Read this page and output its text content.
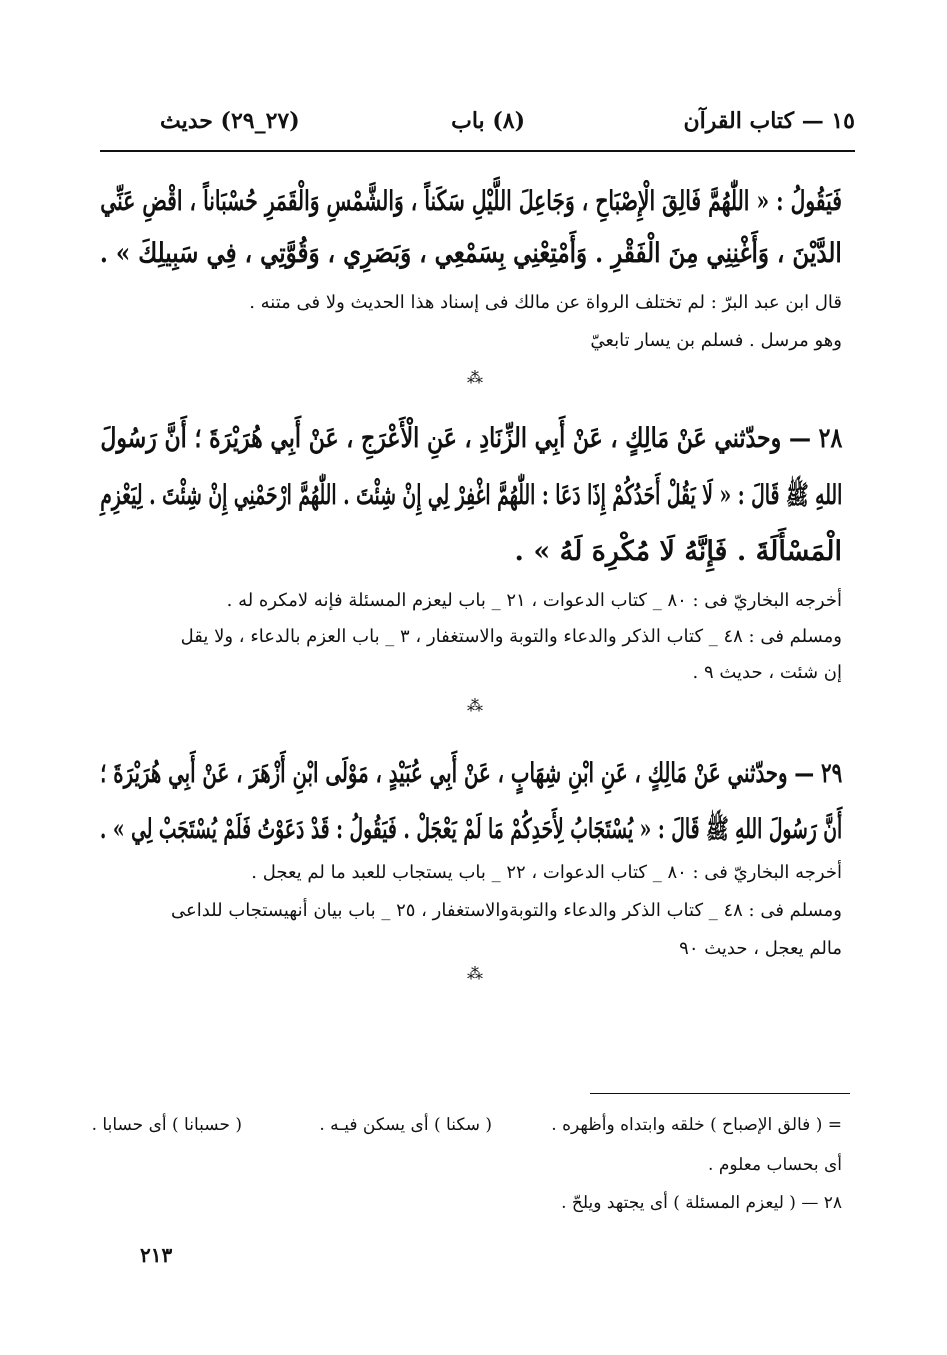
١٥ — كتاب القرآن
(٨) باب
(٢٧_٢٩) حديث
فَيَقُولُ : « اللّٰهُمَّ فَالِقَ الْإِصْبَاحِ ، وَجَاعِلَ اللَّيْلِ سَكَناً ، وَالشَّمْسِ وَالْقَمَرِ حُسْبَاناً ، اقْضِ عَنِّي
الدَّيْنَ ، وَأَغْنِنِي مِنَ الْفَقْرِ . وَأَمْتِعْنِي بِسَمْعِي ، وَبَصَرِي ، وَقُوَّتِي ، فِي سَبِيلِكَ » .
قال ابن عبد البرّ : لم تختلف الرواة عن مالك فى إسناد هذا الحديث ولا فى متنه .
وهو مرسل . فسلم بن يسار تابعيّ
⁂
٢٨ — وحدّثني عَنْ مَالِكٍ ، عَنْ أَبِي الزِّنَادِ ، عَنِ الْأَعْرَجِ ، عَنْ أَبِي هُرَيْرَةَ ؛ أَنَّ رَسُولَ
اللهِ ﷺ قَالَ : « لَا يَقُلْ أَحَدُكُمْ إِذَا دَعَا : اللّٰهُمَّ اغْفِرْ لِي إِنْ شِئْتَ . اللّٰهُمَّ ارْحَمْنِي إِنْ شِئْتَ . لِيَعْزِمِ
الْمَسْأَلَةَ . فَإِنَّهُ لَا مُكْرِهَ لَهُ » .
أخرجه البخاريّ فى : ٨٠ _ كتاب الدعوات ، ٢١ _ باب ليعزم المسئلة فإنه لامكره له .
ومسلم فى : ٤٨ _ كتاب الذكر والدعاء والتوبة والاستغفار ، ٣ _ باب العزم بالدعاء ، ولا يقل
إن شئت ، حديث ٩ .
⁂
٢٩ — وحدّثني عَنْ مَالِكٍ ، عَنِ ابْنِ شِهَابٍ ، عَنْ أَبِي عُبَيْدٍ ، مَوْلَى ابْنِ أَزْهَرَ ، عَنْ أَبِي هُرَيْرَةَ ؛
أَنَّ رَسُولَ اللهِ ﷺ قَالَ : « يُسْتَجَابُ لِأَحَدِكُمْ مَا لَمْ يَعْجَلْ . فَيَقُولُ : قَدْ دَعَوْتُ فَلَمْ يُسْتَجَبْ لِي » .
أخرجه البخاريّ فى : ٨٠ _ كتاب الدعوات ، ٢٢ _ باب يستجاب للعبد ما لم يعجل .
ومسلم فى : ٤٨ _ كتاب الذكر والدعاء والتوبةوالاستغفار ، ٢٥ _ باب بيان أنهيستجاب للداعى
مالم يعجل ، حديث ٩٠
⁂
= ( فالق الإصباح ) خلقه وابتداه وأظهره .
( سكنا ) أى يسكن فيـه .
( حسبانا ) أى حسابا .
أى بحساب معلوم .
٢٨ — ( ليعزم المسئلة ) أى يجتهد ويلحّ .
٢١٣
